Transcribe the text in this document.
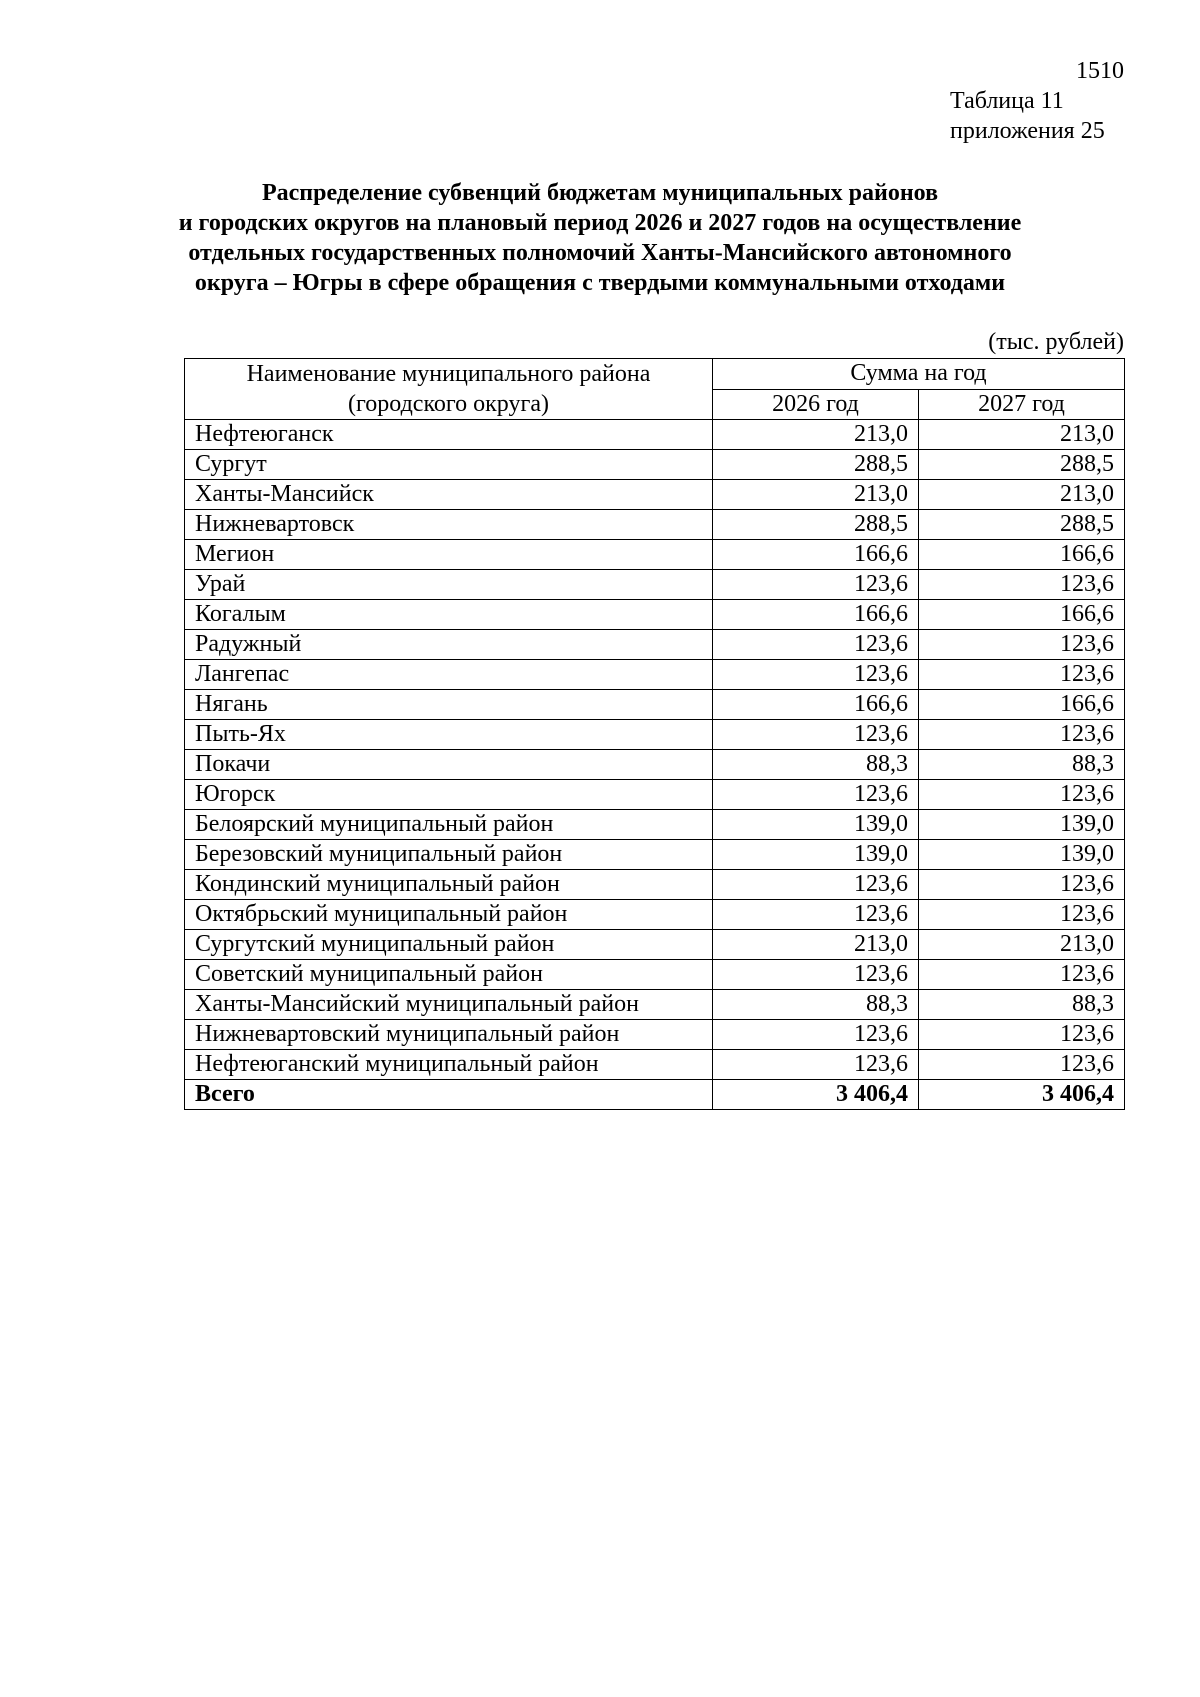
1510
Таблица 11
приложения 25
Распределение субвенций бюджетам муниципальных районов
и городских округов на плановый период 2026 и 2027 годов на осуществление
отдельных государственных полномочий Ханты-Мансийского автономного
округа – Югры в сфере обращения с твердыми коммунальными отходами
(тыс. рублей)
Наименование муниципального района (городского округа)	Сумма на год	
	2026 год	2027 год
Нефтеюганск	213,0	213,0
Сургут	288,5	288,5
Ханты-Мансийск	213,0	213,0
Нижневартовск	288,5	288,5
Мегион	166,6	166,6
Урай	123,6	123,6
Когалым	166,6	166,6
Радужный	123,6	123,6
Лангепас	123,6	123,6
Нягань	166,6	166,6
Пыть-Ях	123,6	123,6
Покачи	88,3	88,3
Югорск	123,6	123,6
Белоярский муниципальный район	139,0	139,0
Березовский муниципальный район	139,0	139,0
Кондинский муниципальный район	123,6	123,6
Октябрьский муниципальный район	123,6	123,6
Сургутский муниципальный район	213,0	213,0
Советский муниципальный район	123,6	123,6
Ханты-Мансийский муниципальный район	88,3	88,3
Нижневартовский муниципальный район	123,6	123,6
Нефтеюганский муниципальный район	123,6	123,6
Всего	3 406,4	3 406,4
